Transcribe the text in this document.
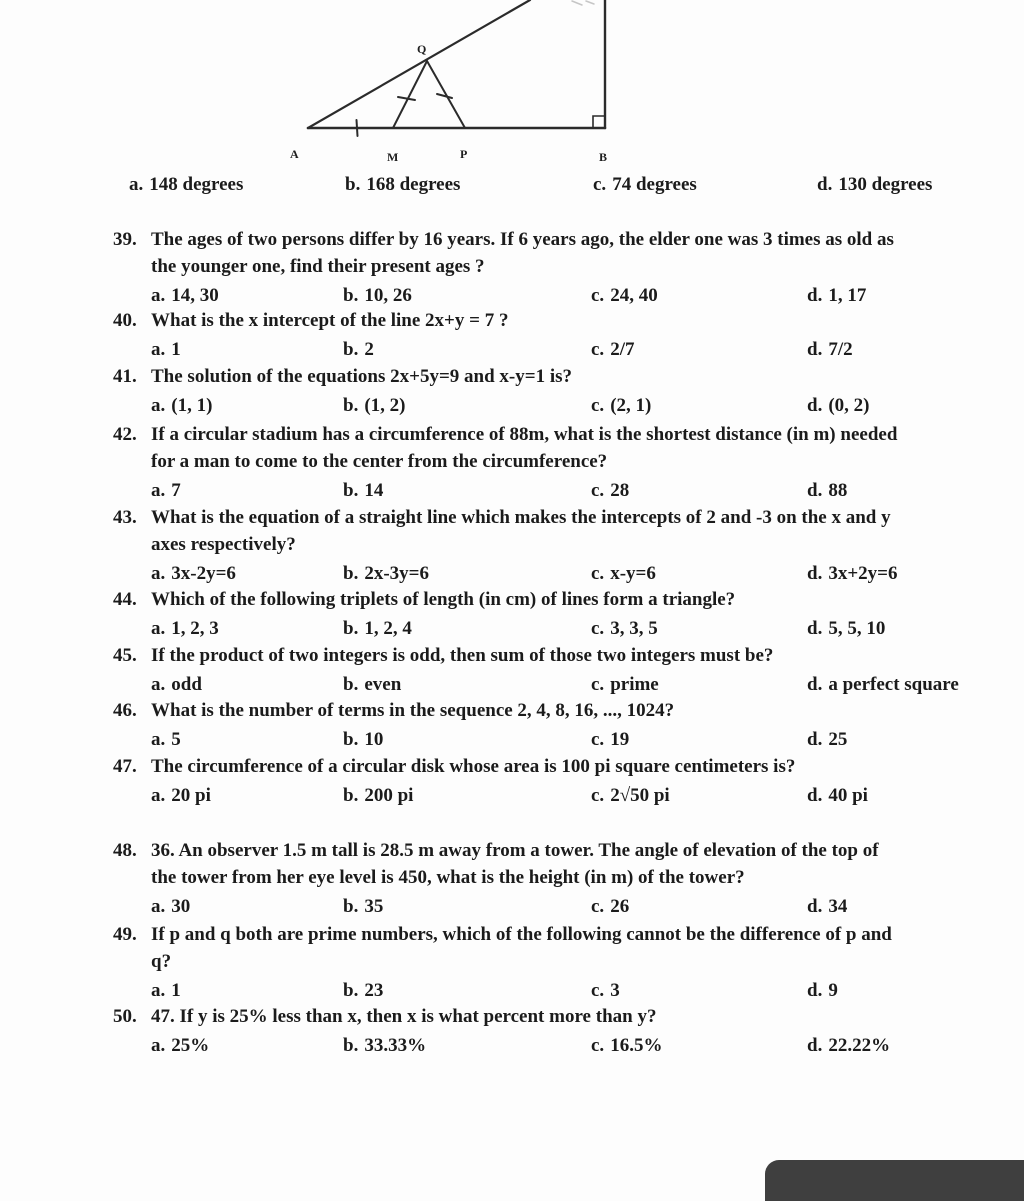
Q
A	M	P	B
a. 148 degrees	b. 168 degrees	c. 74 degrees	d. 130 degrees
39. The ages of two persons differ by 16 years. If 6 years ago, the elder one was 3 times as old as
the younger one, find their present ages ?
a. 14, 30	b. 10, 26	c. 24, 40	d. 1, 17
40. What is the x intercept of the line 2x+y = 7 ?
a. 1	b. 2	c. 2/7	d. 7/2
41. The solution of the equations 2x+5y=9 and x-y=1 is?
a. (1, 1)	b. (1, 2)	c. (2, 1)	d. (0, 2)
42. If a circular stadium has a circumference of 88m, what is the shortest distance (in m) needed
for a man to come to the center from the circumference?
a. 7	b. 14	c. 28	d. 88
43. What is the equation of a straight line which makes the intercepts of 2 and -3 on the x and y
axes respectively?
a. 3x-2y=6	b. 2x-3y=6	c. x-y=6	d. 3x+2y=6
44. Which of the following triplets of length (in cm) of lines form a triangle?
a. 1, 2, 3	b. 1, 2, 4	c. 3, 3, 5	d. 5, 5, 10
45. If the product of two integers is odd, then sum of those two integers must be?
a. odd	b. even	c. prime	d. a perfect square
46. What is the number of terms in the sequence 2, 4, 8, 16, ..., 1024?
a. 5	b. 10	c. 19	d. 25
47. The circumference of a circular disk whose area is 100 pi square centimeters is?
a. 20 pi	b. 200 pi	c. 2√50 pi	d. 40 pi
48. 36. An observer 1.5 m tall is 28.5 m away from a tower. The angle of elevation of the top of
the tower from her eye level is 450, what is the height (in m) of the tower?
a. 30	b. 35	c. 26	d. 34
49. If p and q both are prime numbers, which of the following cannot be the difference of p and
q?
a. 1	b. 23	c. 3	d. 9
50. 47. If y is 25% less than x, then x is what percent more than y?
a. 25%	b. 33.33%	c. 16.5%	d. 22.22%
